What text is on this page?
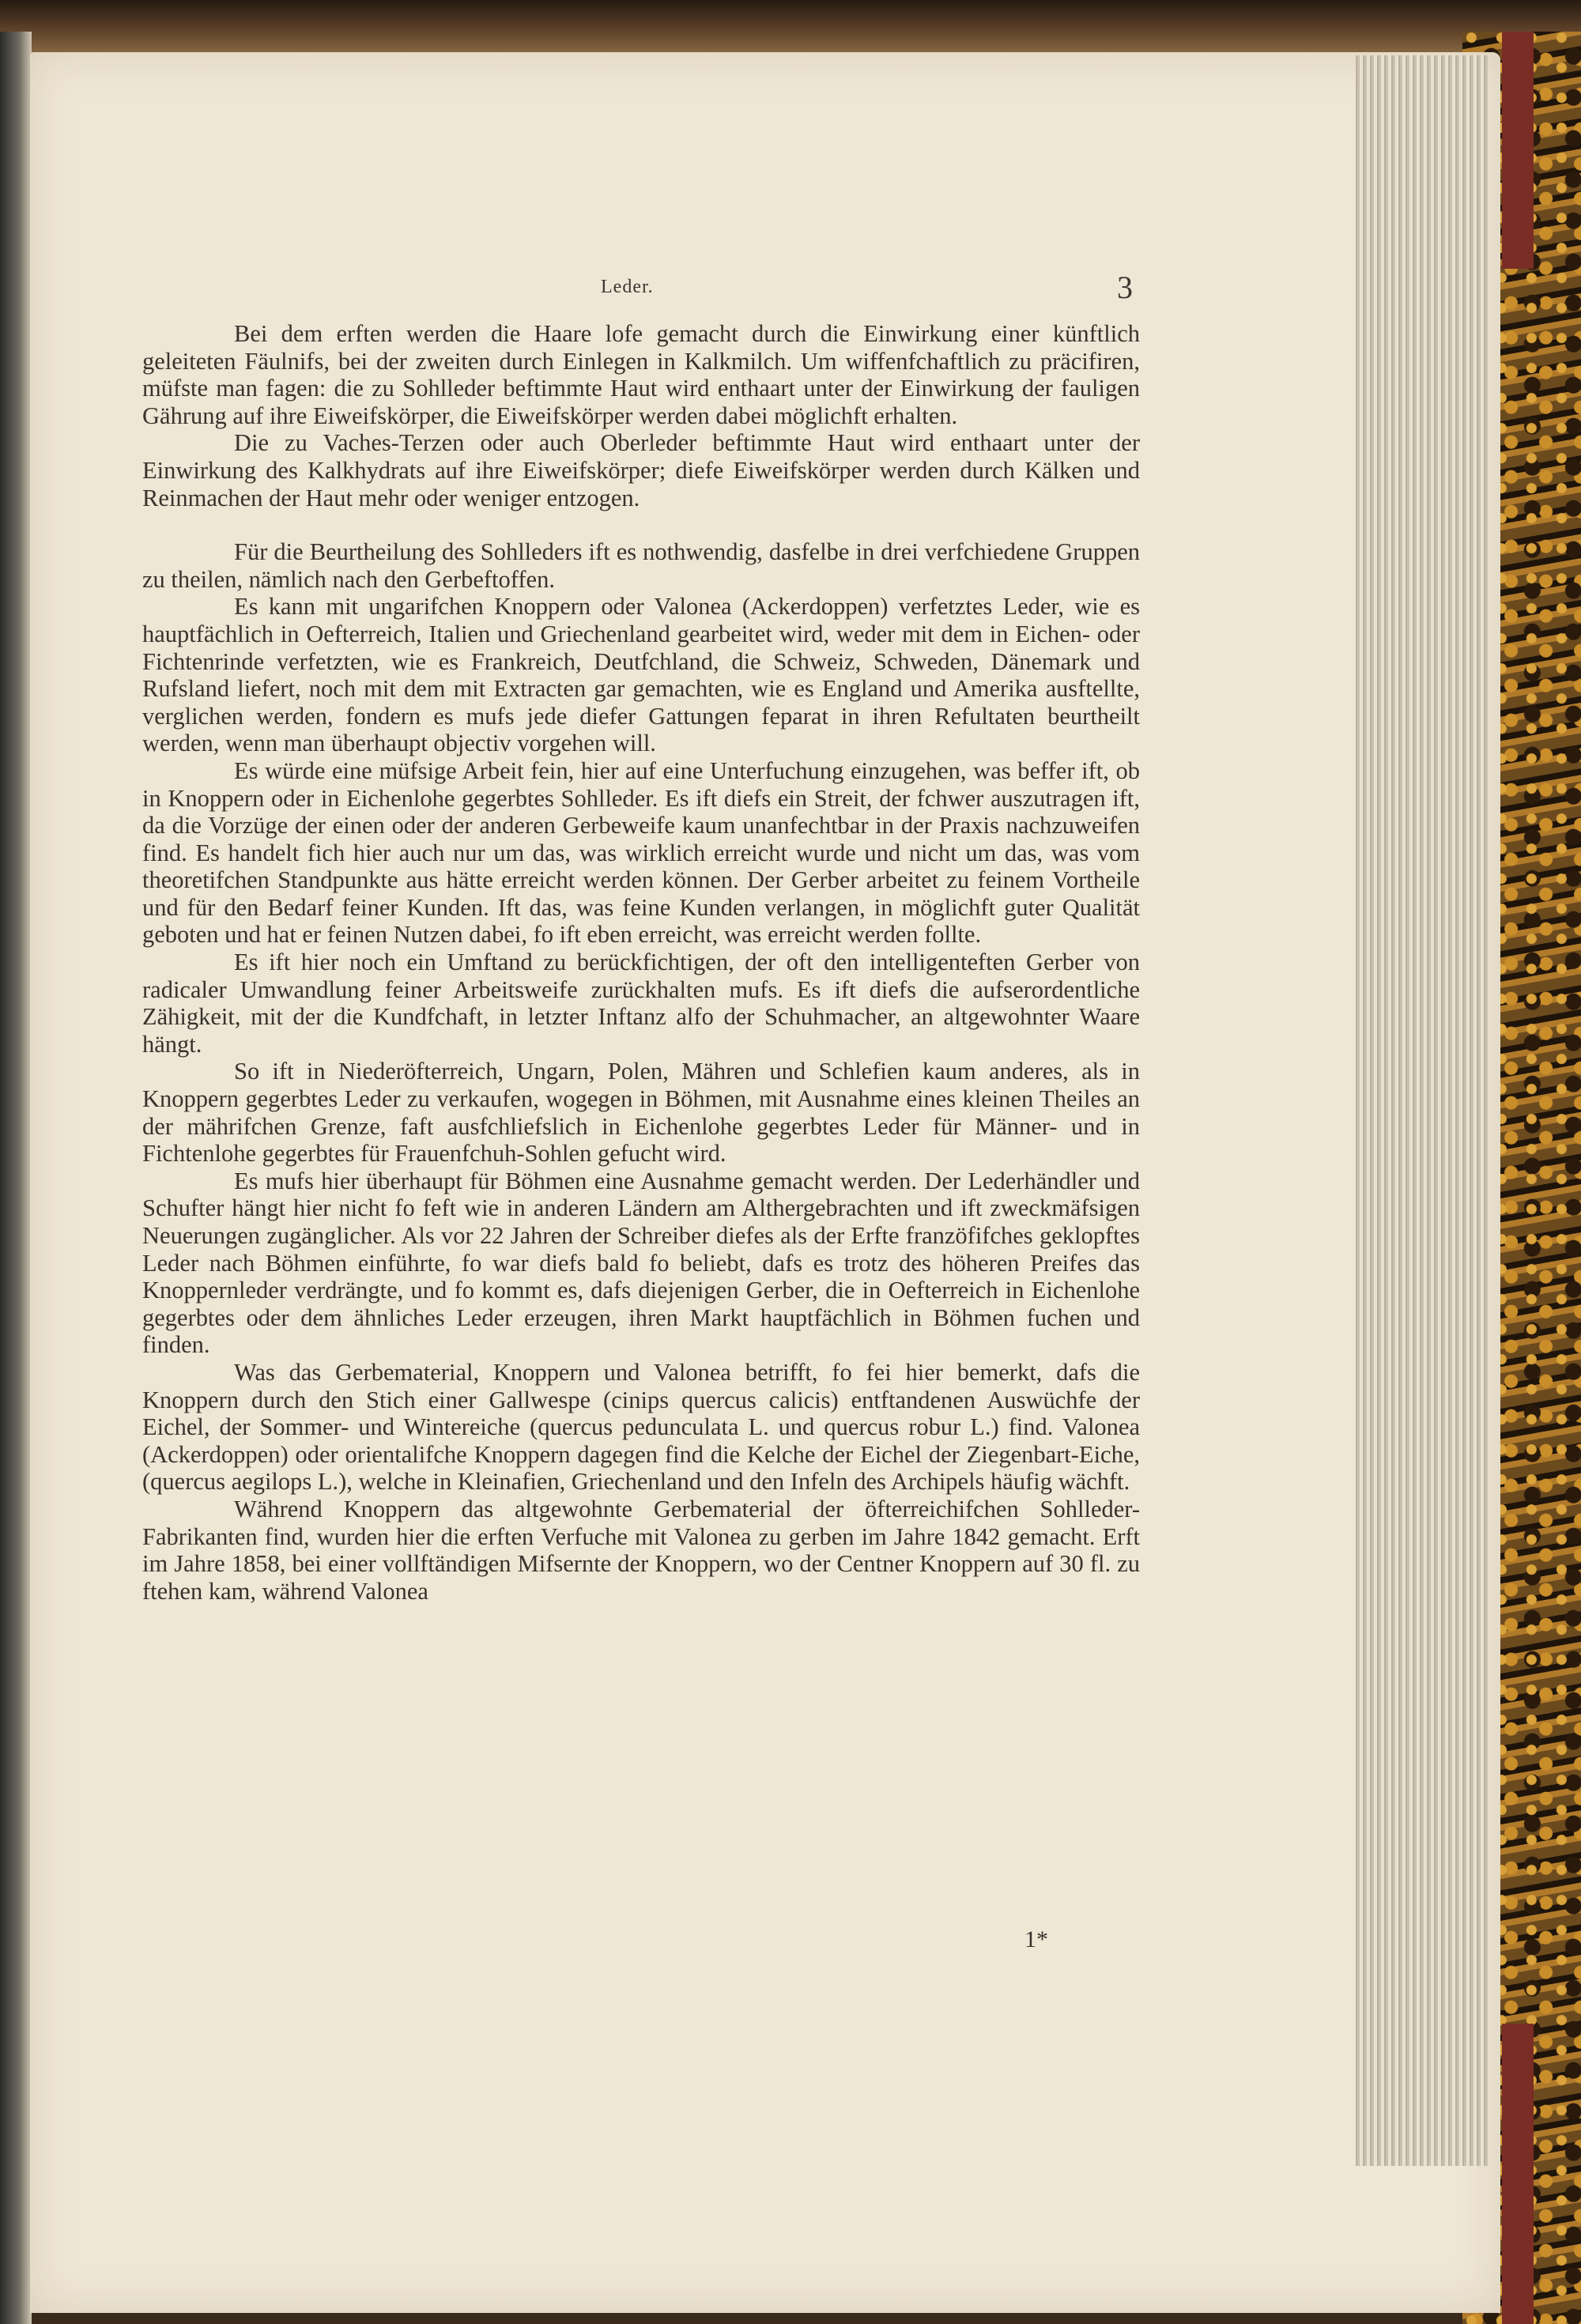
Leder.	3

Bei dem erften werden die Haare lofe gemacht durch die Einwirkung einer künftlich geleiteten Fäulnifs, bei der zweiten durch Einlegen in Kalkmilch. Um wiffenfchaftlich zu präcifiren, müfste man fagen: die zu Sohlleder beftimmte Haut wird enthaart unter der Einwirkung der fauligen Gährung auf ihre Eiweifskörper, die Eiweifskörper werden dabei möglichft erhalten.

Die zu Vaches-Terzen oder auch Oberleder beftimmte Haut wird enthaart unter der Einwirkung des Kalkhydrats auf ihre Eiweifskörper; diefe Eiweifskörper werden durch Kälken und Reinmachen der Haut mehr oder weniger entzogen.

Für die Beurtheilung des Sohlleders ift es nothwendig, dasfelbe in drei verfchiedene Gruppen zu theilen, nämlich nach den Gerbeftoffen.

Es kann mit ungarifchen Knoppern oder Valonea (Ackerdoppen) verfetztes Leder, wie es hauptfächlich in Oefterreich, Italien und Griechenland gearbeitet wird, weder mit dem in Eichen- oder Fichtenrinde verfetzten, wie es Frankreich, Deutfchland, die Schweiz, Schweden, Dänemark und Rufsland liefert, noch mit dem mit Extracten gar gemachten, wie es England und Amerika ausftellte, verglichen werden, fondern es mufs jede diefer Gattungen feparat in ihren Refultaten beurtheilt werden, wenn man überhaupt objectiv vorgehen will.

Es würde eine müfsige Arbeit fein, hier auf eine Unterfuchung einzugehen, was beffer ift, ob in Knoppern oder in Eichenlohe gegerbtes Sohlleder. Es ift diefs ein Streit, der fchwer auszutragen ift, da die Vorzüge der einen oder der anderen Gerbeweife kaum unanfechtbar in der Praxis nachzuweifen find. Es handelt fich hier auch nur um das, was wirklich erreicht wurde und nicht um das, was vom theoretifchen Standpunkte aus hätte erreicht werden können. Der Gerber arbeitet zu feinem Vortheile und für den Bedarf feiner Kunden. Ift das, was feine Kunden verlangen, in möglichft guter Qualität geboten und hat er feinen Nutzen dabei, fo ift eben erreicht, was erreicht werden follte.

Es ift hier noch ein Umftand zu berückfichtigen, der oft den intelligenteften Gerber von radicaler Umwandlung feiner Arbeitsweife zurückhalten mufs. Es ift diefs die aufserordentliche Zähigkeit, mit der die Kundfchaft, in letzter Inftanz alfo der Schuhmacher, an altgewohnter Waare hängt.

So ift in Niederöfterreich, Ungarn, Polen, Mähren und Schlefien kaum anderes, als in Knoppern gegerbtes Leder zu verkaufen, wogegen in Böhmen, mit Ausnahme eines kleinen Theiles an der mährifchen Grenze, faft ausfchliefslich in Eichenlohe gegerbtes Leder für Männer- und in Fichtenlohe gegerbtes für Frauenfchuh-Sohlen gefucht wird.

Es mufs hier überhaupt für Böhmen eine Ausnahme gemacht werden. Der Lederhändler und Schufter hängt hier nicht fo feft wie in anderen Ländern am Althergebrachten und ift zweckmäfsigen Neuerungen zugänglicher. Als vor 22 Jahren der Schreiber diefes als der Erfte franzöfifches geklopftes Leder nach Böhmen einführte, fo war diefs bald fo beliebt, dafs es trotz des höheren Preifes das Knoppernleder verdrängte, und fo kommt es, dafs diejenigen Gerber, die in Oefterreich in Eichenlohe gegerbtes oder dem ähnliches Leder erzeugen, ihren Markt hauptfächlich in Böhmen fuchen und finden.

Was das Gerbematerial, Knoppern und Valonea betrifft, fo fei hier bemerkt, dafs die Knoppern durch den Stich einer Gallwespe (cinips quercus calicis) entftandenen Auswüchfe der Eichel, der Sommer- und Wintereiche (quercus pedunculata L. und quercus robur L.) find. Valonea (Ackerdoppen) oder orientalifche Knoppern dagegen find die Kelche der Eichel der Ziegenbart-Eiche, (quercus aegilops L.), welche in Kleinafien, Griechenland und den Infeln des Archipels häufig wächft.

Während Knoppern das altgewohnte Gerbematerial der öfterreichifchen Sohlleder-Fabrikanten find, wurden hier die erften Verfuche mit Valonea zu gerben im Jahre 1842 gemacht. Erft im Jahre 1858, bei einer vollftändigen Mifsernte der Knoppern, wo der Centner Knoppern auf 30 fl. zu ftehen kam, während Valonea

1*
